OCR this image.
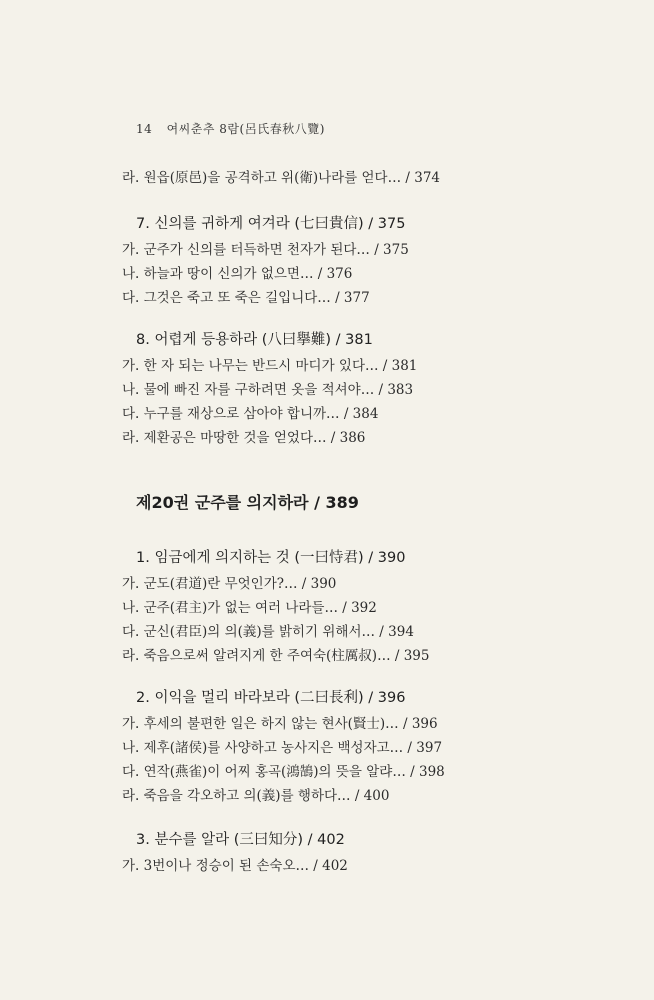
14 여씨춘추 8람(呂氏春秋八覽)
라. 원읍(原邑)을 공격하고 위(衛)나라를 얻다… / 374
7. 신의를 귀하게 여겨라 (七曰貴信) / 375
가. 군주가 신의를 터득하면 천자가 된다… / 375
나. 하늘과 땅이 신의가 없으면… / 376
다. 그것은 죽고 또 죽은 길입니다… / 377
8. 어렵게 등용하라 (八曰擧難) / 381
가. 한 자 되는 나무는 반드시 마디가 있다… / 381
나. 물에 빠진 자를 구하려면 옷을 적셔야… / 383
다. 누구를 재상으로 삼아야 합니까… / 384
라. 제환공은 마땅한 것을 얻었다… / 386
제20권 군주를 의지하라 / 389
1. 임금에게 의지하는 것 (一曰恃君) / 390
가. 군도(君道)란 무엇인가?… / 390
나. 군주(君主)가 없는 여러 나라들… / 392
다. 군신(君臣)의 의(義)를 밝히기 위해서… / 394
라. 죽음으로써 알려지게 한 주여숙(柱厲叔)… / 395
2. 이익을 멀리 바라보라 (二曰長利) / 396
가. 후세의 불편한 일은 하지 않는 현사(賢士)… / 396
나. 제후(諸侯)를 사양하고 농사지은 백성자고… / 397
다. 연작(燕雀)이 어찌 홍곡(鴻鵠)의 뜻을 알랴… / 398
라. 죽음을 각오하고 의(義)를 행하다… / 400
3. 분수를 알라 (三曰知分) / 402
가. 3번이나 정승이 된 손숙오… / 402
